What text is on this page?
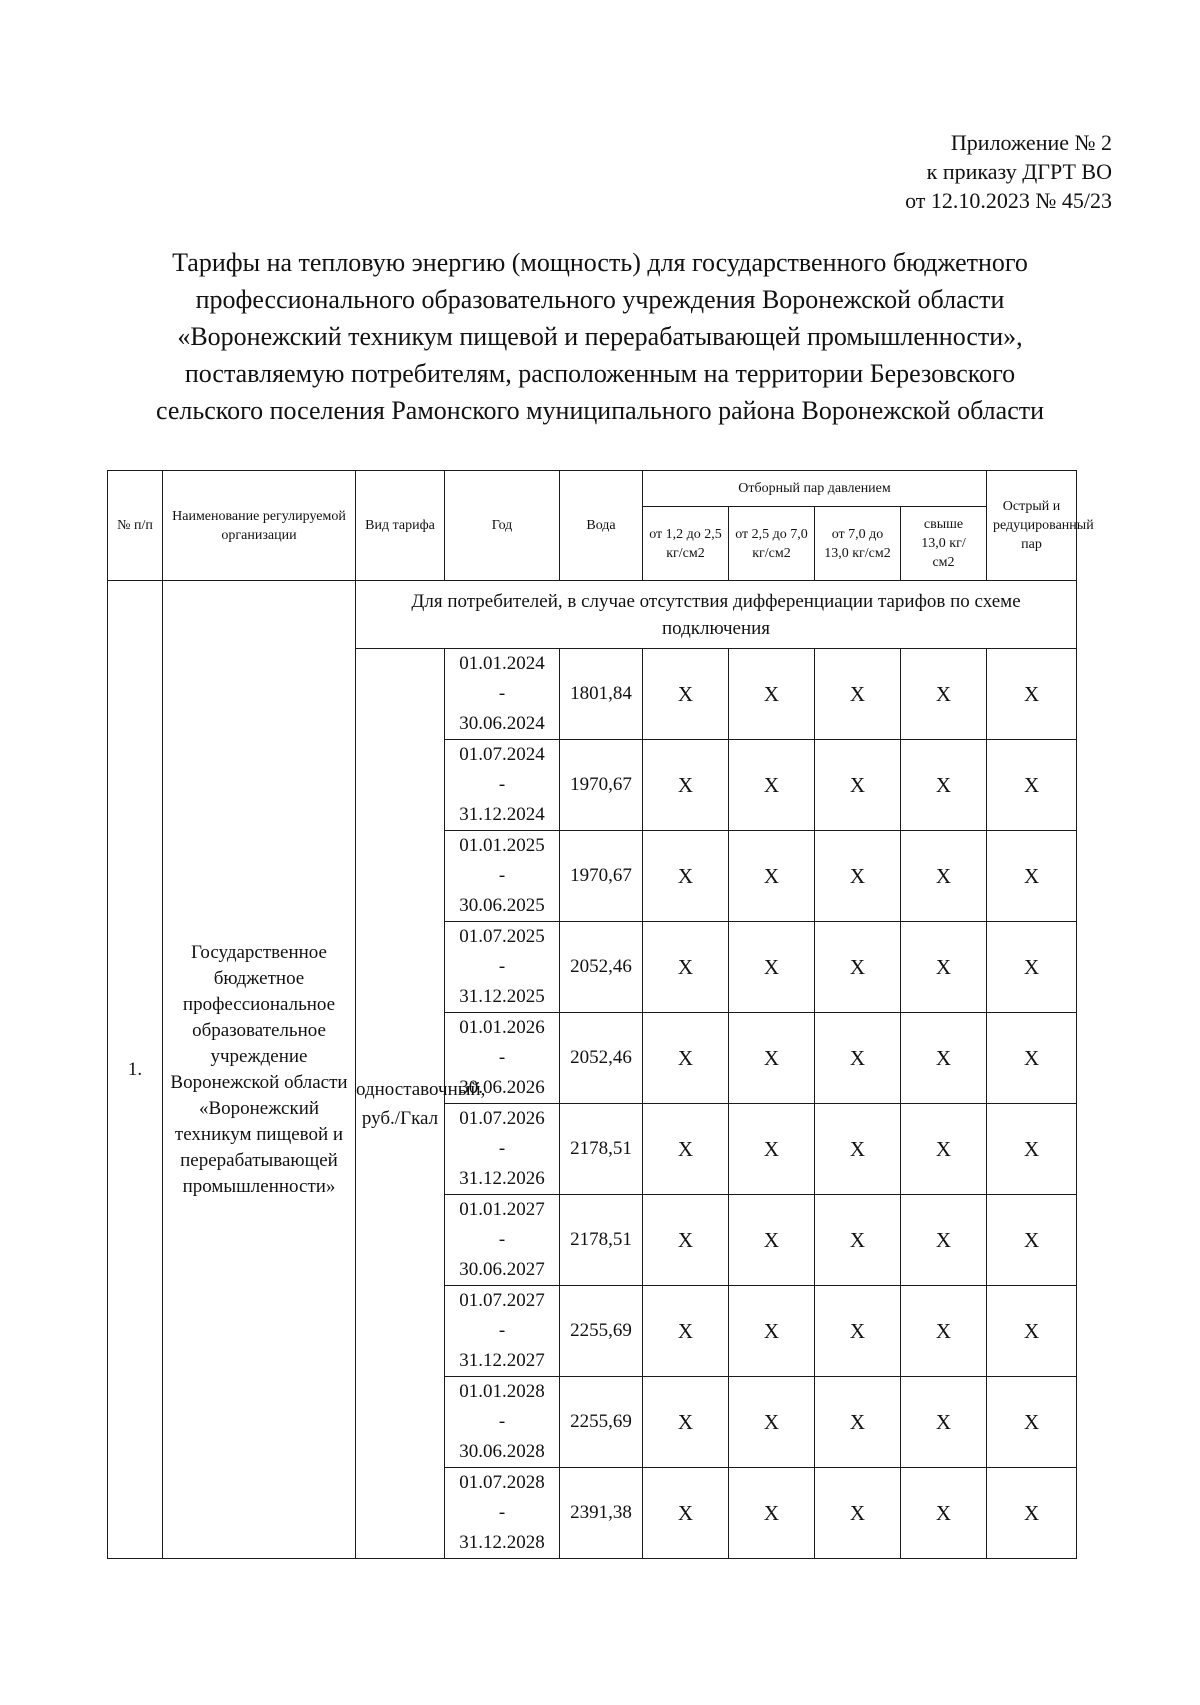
Приложение № 2
к приказу ДГРТ ВО
от 12.10.2023 № 45/23
Тарифы на тепловую энергию (мощность) для государственного бюджетного
профессионального образовательного учреждения Воронежской области
«Воронежский техникум пищевой и перерабатывающей промышленности»,
поставляемую потребителям, расположенным на территории Березовского
сельского поселения Рамонского муниципального района Воронежской области
№ п/п	Наименование регулируемой организации	Вид тарифа	Год	Вода	Отборный пар давлением				Острый и редуцированный пар
					от 1,2 до 2,5 кг/см2	от 2,5 до 7,0 кг/см2	от 7,0 до 13,0 кг/см2	свыше 13,0 кг/см2	
1.	Государственное бюджетное профессиональное образовательное учреждение Воронежской области «Воронежский техникум пищевой и перерабатывающей промышленности»	Для потребителей, в случае отсутствия дифференциации тарифов по схеме подключения							
		одноставочный, руб./Гкал	01.01.2024
-
30.06.2024	1801,84	X	X	X	X	X

			01.07.2024
-
31.12.2024	1970,67	X	X	X	X	X

			01.01.2025
-
30.06.2025	1970,67	X	X	X	X	X

			01.07.2025
-
31.12.2025	2052,46	X	X	X	X	X

			01.01.2026
-
30.06.2026	2052,46	X	X	X	X	X

			01.07.2026
-
31.12.2026	2178,51	X	X	X	X	X

			01.01.2027
-
30.06.2027	2178,51	X	X	X	X	X

			01.07.2027
-
31.12.2027	2255,69	X	X	X	X	X

			01.01.2028
-
30.06.2028	2255,69	X	X	X	X	X

			01.07.2028
-
31.12.2028	2391,38	X	X	X	X	X
